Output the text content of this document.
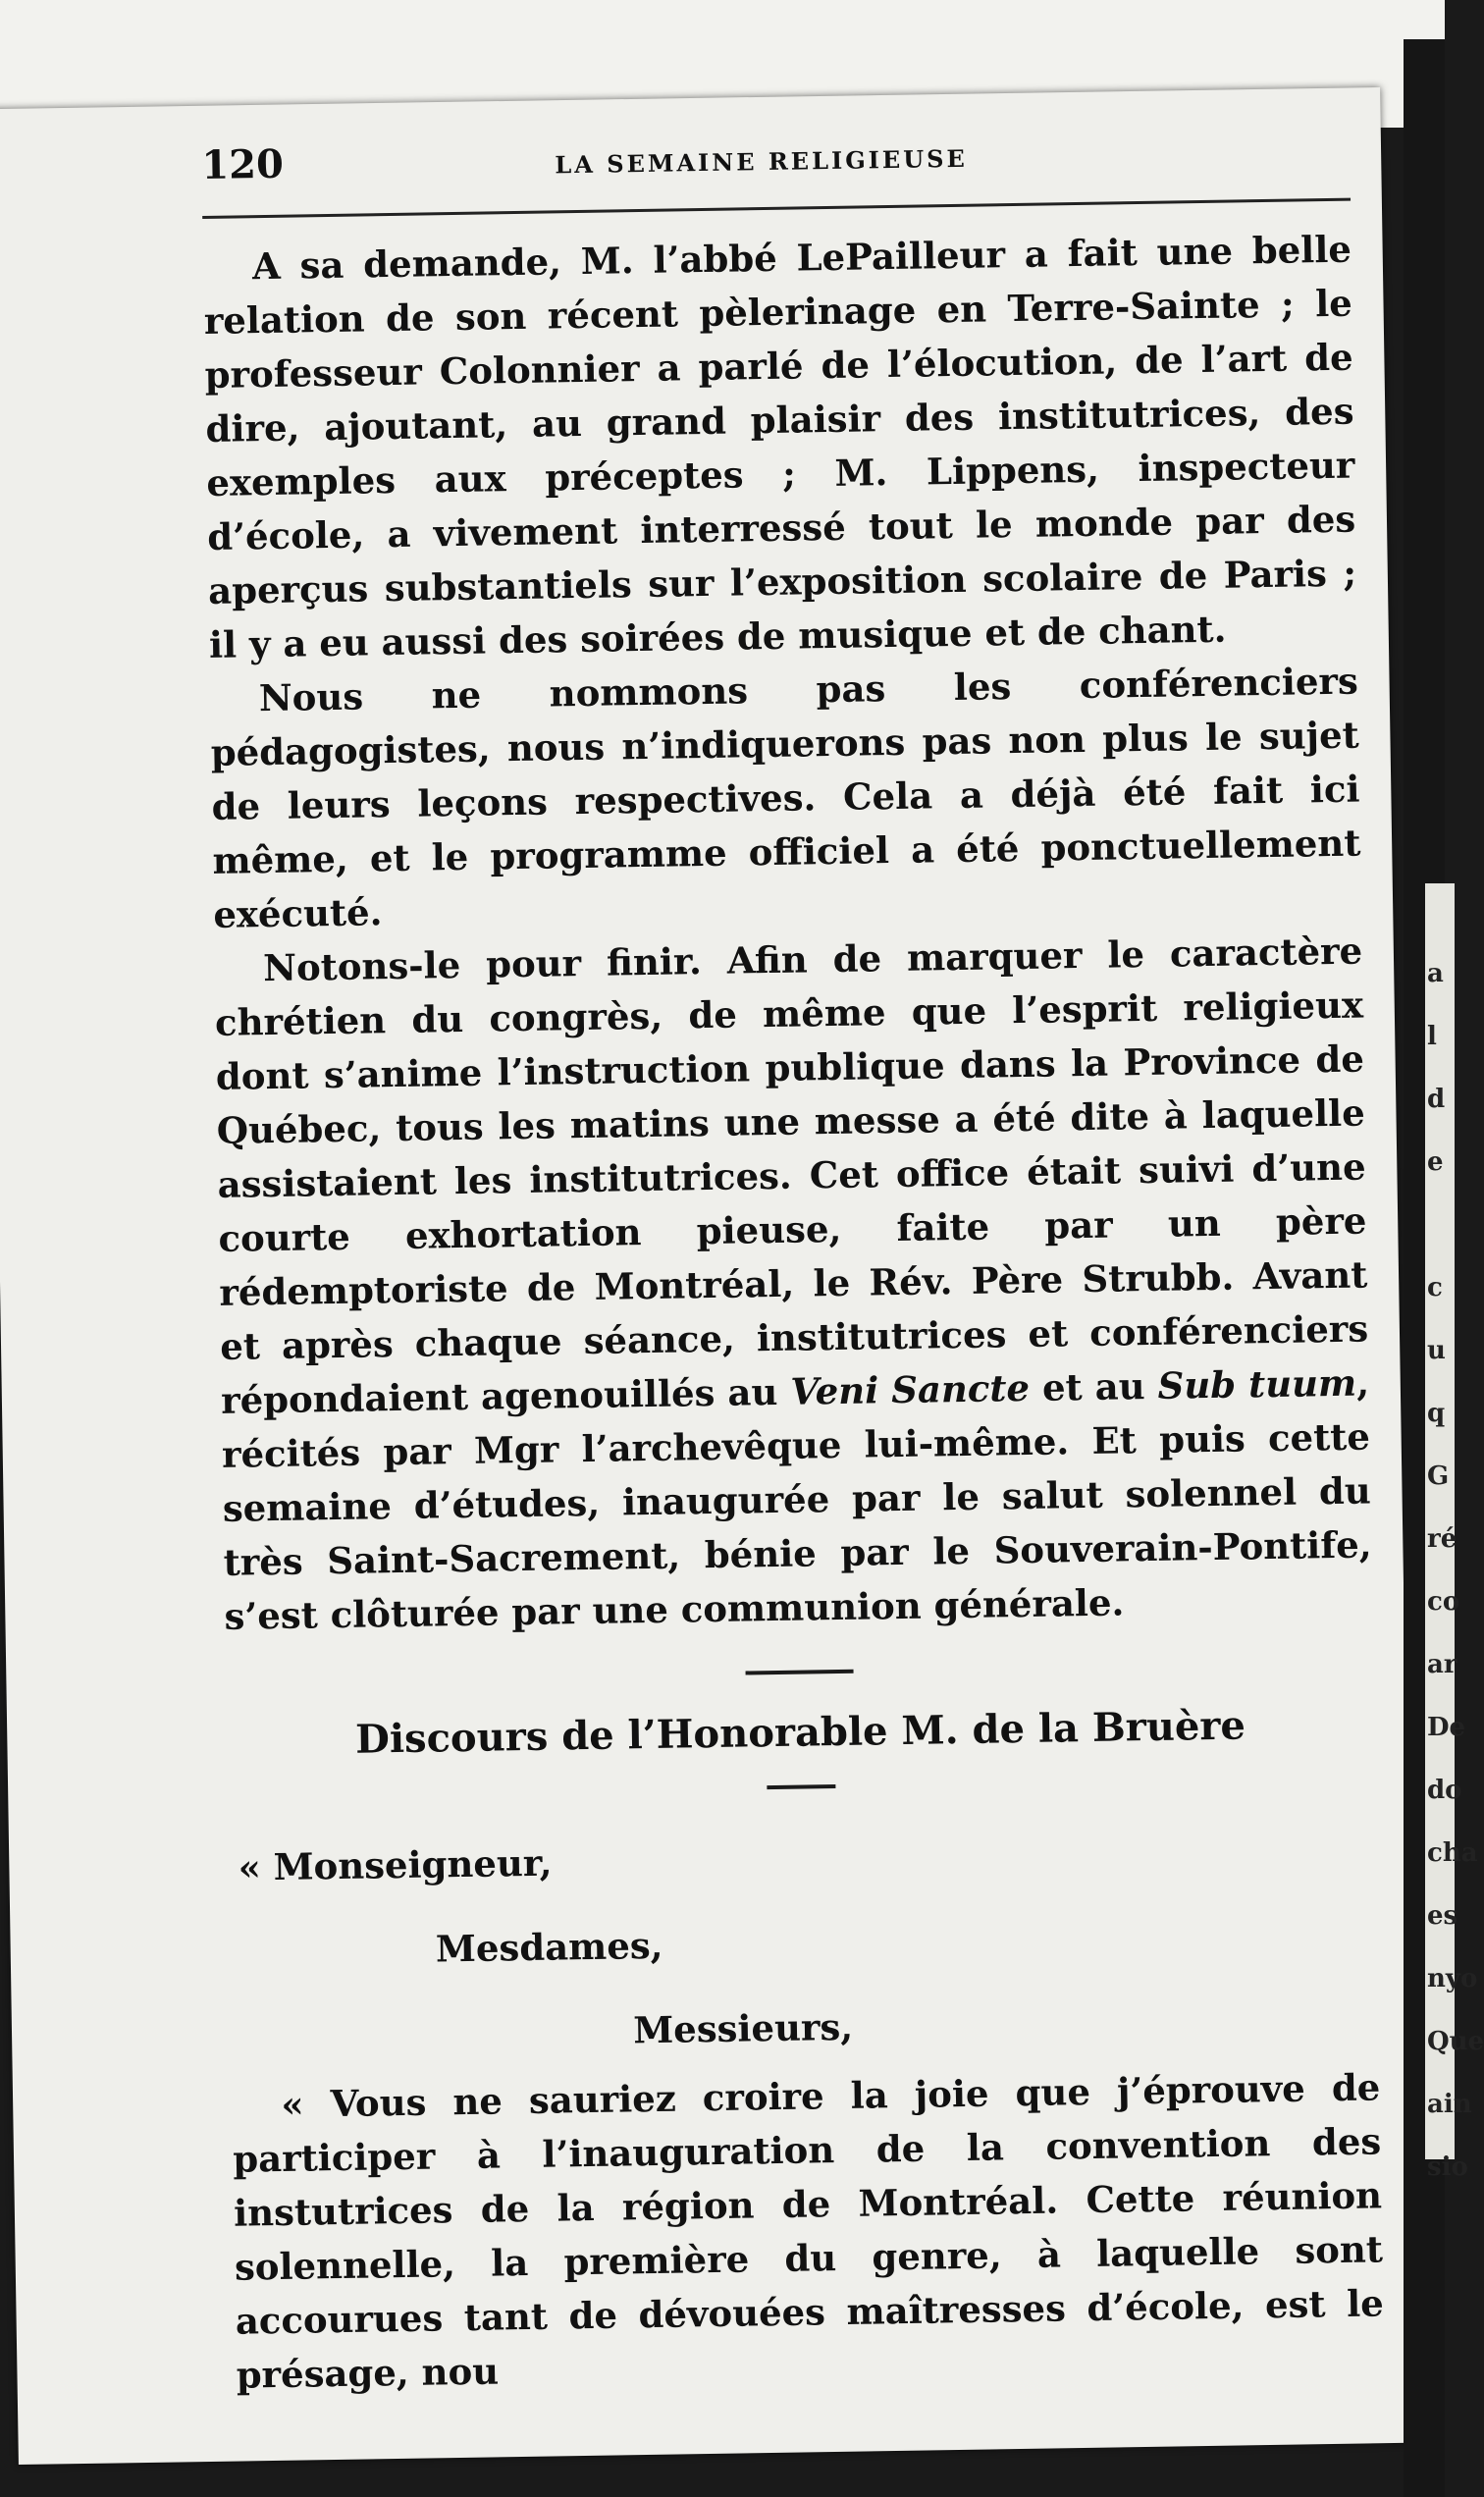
120	LA SEMAINE RELIGIEUSE

A sa demande, M. l’abbé LePailleur a fait une belle relation de son récent pèlerinage en Terre-Sainte ; le professeur Colonnier a parlé de l’élocution, de l’art de dire, ajoutant, au grand plaisir des institutrices, des exemples aux préceptes ; M. Lippens, inspecteur d’école, a vivement interressé tout le monde par des aperçus substantiels sur l’exposition scolaire de Paris ; il y a eu aussi des soirées de musique et de chant.

Nous ne nommons pas les conférenciers pédagogistes, nous n’indiquerons pas non plus le sujet de leurs leçons respectives. Cela a déjà été fait ici même, et le programme officiel a été ponctuellement exécuté.

Notons-le pour finir. Afin de marquer le caractère chrétien du congrès, de même que l’esprit religieux dont s’anime l’instruction publique dans la Province de Québec, tous les matins une messe a été dite à laquelle assistaient les institutrices. Cet office était suivi d’une courte exhortation pieuse, faite par un père rédemptoriste de Montréal, le Rév. Père Strubb. Avant et après chaque séance, institutrices et conférenciers répondaient agenouillés au Veni Sancte et au Sub tuum, récités par Mgr l’archevêque lui-même. Et puis cette semaine d’études, inaugurée par le salut solennel du très Saint-Sacrement, bénie par le Souverain-Pontife, s’est clôturée par une communion générale.

Discours de l’Honorable M. de la Bruère
« Monseigneur,
Mesdames,
Messieurs,

« Vous ne sauriez croire la joie que j’éprouve de participer à l’inauguration de la convention des instutrices de la région de Montréal. Cette réunion solennelle, la première du genre, à laquelle sont accourues tant de dévouées maîtresses d’école, est le présage, nou

a
l
d
e

c
u
q
G
ré
co
ar
De
do
cha
es
nyo
Que
ain
sio
